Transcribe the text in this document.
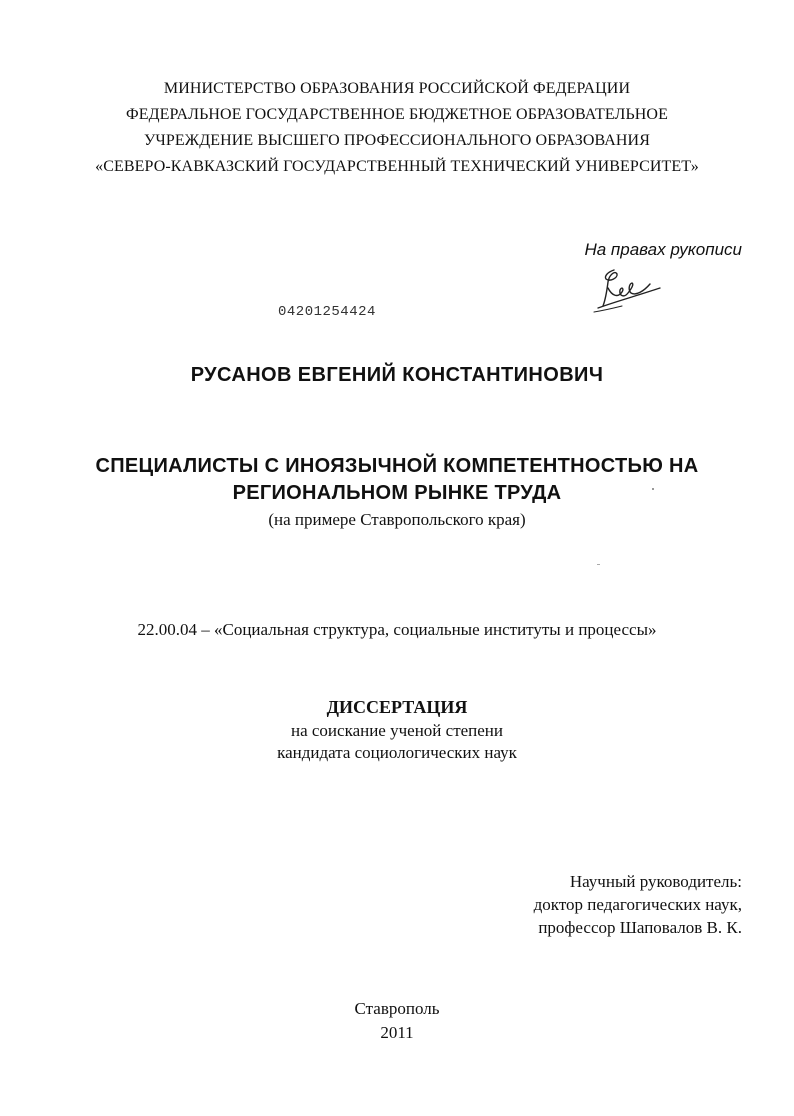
МИНИСТЕРСТВО ОБРАЗОВАНИЯ РОССИЙСКОЙ ФЕДЕРАЦИИ
ФЕДЕРАЛЬНОЕ ГОСУДАРСТВЕННОЕ БЮДЖЕТНОЕ ОБРАЗОВАТЕЛЬНОЕ
УЧРЕЖДЕНИЕ ВЫСШЕГО ПРОФЕССИОНАЛЬНОГО ОБРАЗОВАНИЯ
«СЕВЕРО-КАВКАЗСКИЙ ГОСУДАРСТВЕННЫЙ ТЕХНИЧЕСКИЙ УНИВЕРСИТЕТ»
На правах рукописи
04201254424
РУСАНОВ ЕВГЕНИЙ КОНСТАНТИНОВИЧ
СПЕЦИАЛИСТЫ С ИНОЯЗЫЧНОЙ КОМПЕТЕНТНОСТЬЮ НА
РЕГИОНАЛЬНОМ РЫНКЕ ТРУДА
(на примере Ставропольского края)
22.00.04 – «Социальная структура, социальные институты и процессы»
ДИССЕРТАЦИЯ
на соискание ученой степени
кандидата социологических наук
Научный руководитель:
доктор педагогических наук,
профессор Шаповалов В. К.
Ставрополь
2011
